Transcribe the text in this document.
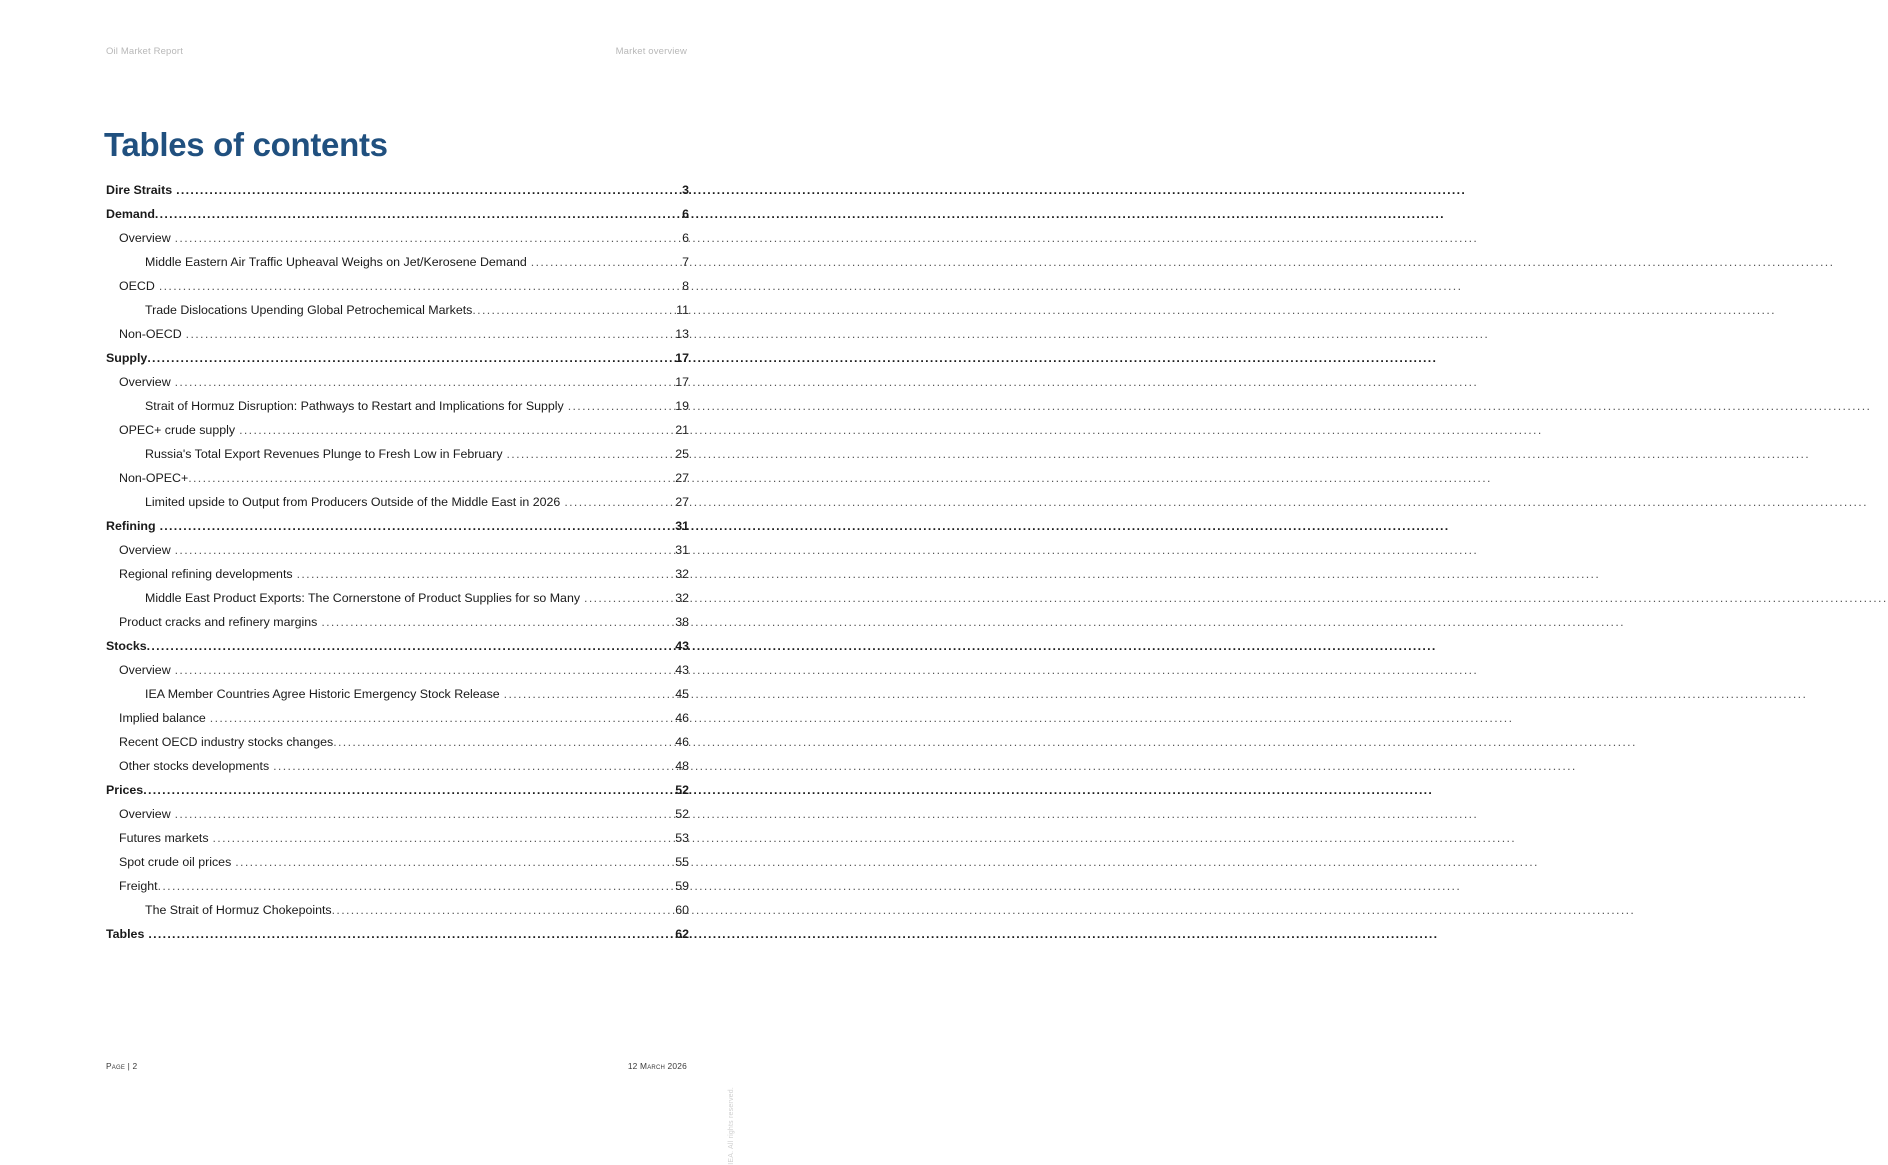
Oil Market Report	Market overview
Tables of contents
Dire Straits .....	3
Demand .....	6
Overview .....	6
Middle Eastern Air Traffic Upheaval Weighs on Jet/Kerosene Demand .....	7
OECD .....	8
Trade Dislocations Upending Global Petrochemical Markets .....	11
Non-OECD .....	13
Supply .....	17
Overview .....	17
Strait of Hormuz Disruption: Pathways to Restart and Implications for Supply .....	19
OPEC+ crude supply .....	21
Russia's Total Export Revenues Plunge to Fresh Low in February .....	25
Non-OPEC+ .....	27
Limited upside to Output from Producers Outside of the Middle East in 2026 .....	27
Refining .....	31
Overview .....	31
Regional refining developments .....	32
Middle East Product Exports: The Cornerstone of Product Supplies for so Many .....	32
Product cracks and refinery margins .....	38
Stocks .....	43
Overview .....	43
IEA Member Countries Agree Historic Emergency Stock Release .....	45
Implied balance .....	46
Recent OECD industry stocks changes .....	46
Other stocks developments .....	48
Prices .....	52
Overview .....	52
Futures markets .....	53
Spot crude oil prices .....	55
Freight .....	59
The Strait of Hormuz Chokepoints .....	60
Tables .....	62
Page | 2	12 March 2026
IEA. All rights reserved.
